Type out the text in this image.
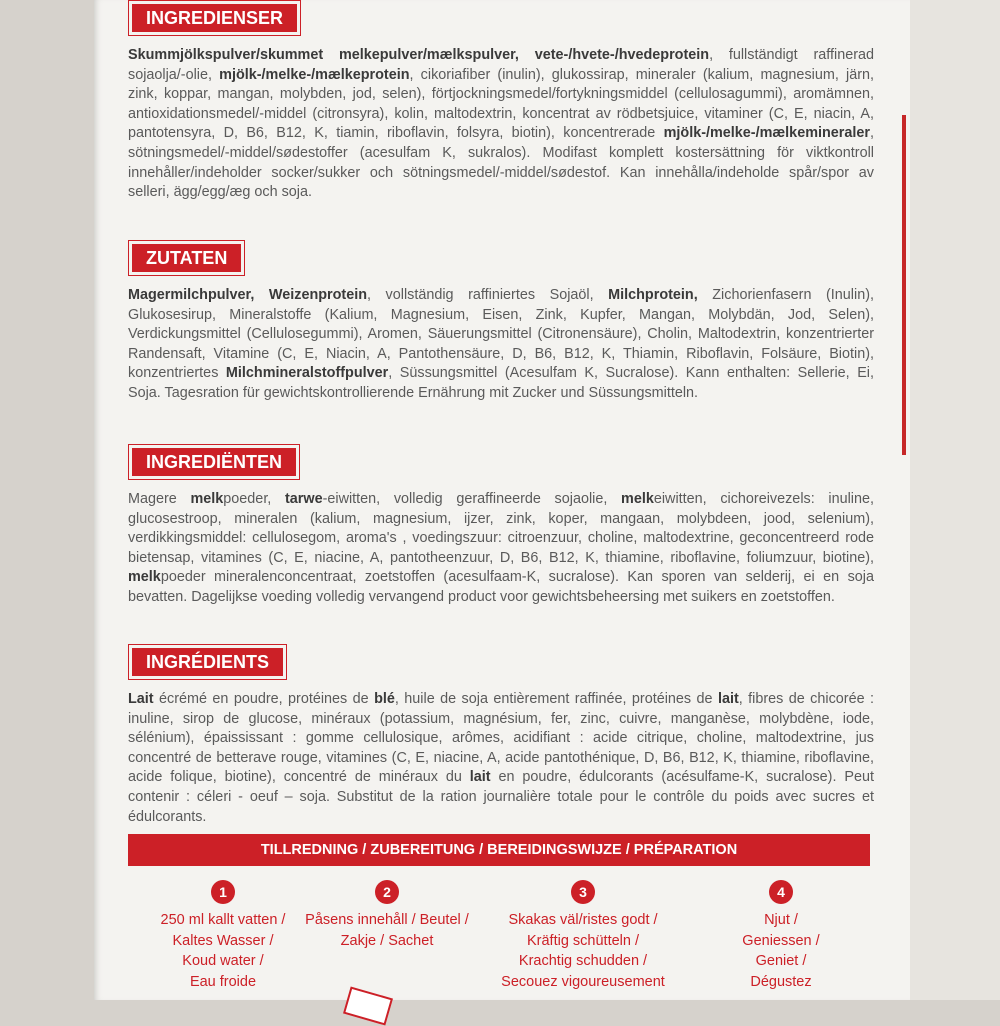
INGREDIENSER
Skummjölkspulver/skummet melkepulver/mælkspulver, vete-/hvete-/hvedeprotein, fullständigt raffinerad sojaolja/-olie, mjölk-/melke-/mælkeprotein, cikoriafiber (inulin), glukossirap, mineraler (kalium, magnesium, järn, zink, koppar, mangan, molybden, jod, selen), förtjockningsmedel/fortykningsmiddel (cellulosagummi), aromämnen, antioxidationsmedel/-middel (citronsyra), kolin, maltodextrin, koncentrat av rödbetsjuice, vitaminer (C, E, niacin, A, pantotensyra, D, B6, B12, K, tiamin, riboflavin, folsyra, biotin), koncentrerade mjölk-/melke-/mælkemineraler, sötningsmedel/-middel/sødestoffer (acesulfam K, sukralos). Modifast komplett kostersättning för viktkontroll innehåller/indeholder socker/sukker och sötningsmedel/-middel/sødestof. Kan innehålla/indeholde spår/spor av selleri, ägg/egg/æg och soja.
ZUTATEN
Magermilchpulver, Weizenprotein, vollständig raffiniertes Sojaöl, Milchprotein, Zichorienfasern (Inulin), Glukosesirup, Mineralstoffe (Kalium, Magnesium, Eisen, Zink, Kupfer, Mangan, Molybdän, Jod, Selen), Verdickungsmittel (Cellulosegummi), Aromen, Säuerungsmittel (Citronensäure), Cholin, Maltodextrin, konzentrierter Randensaft, Vitamine (C, E, Niacin, A, Pantothensäure, D, B6, B12, K, Thiamin, Riboflavin, Folsäure, Biotin), konzentriertes Milchmineralstoffpulver, Süssungsmittel (Acesulfam K, Sucralose). Kann enthalten: Sellerie, Ei, Soja. Tagesration für gewichtskontrollierende Ernährung mit Zucker und Süssungsmitteln.
INGREDIËNTEN
Magere melkpoeder, tarwe-eiwitten, volledig geraffineerde sojaolie, melkeiwitten, cichoreivezels: inuline, glucosestroop, mineralen (kalium, magnesium, ijzer, zink, koper, mangaan, molybdeen, jood, selenium), verdikkingsmiddel: cellulosegom, aroma's , voedingszuur: citroenzuur, choline, maltodextrine, geconcentreerd rode bietensap, vitamines (C, E, niacine, A, pantotheenzuur, D, B6, B12, K, thiamine, riboflavine, foliumzuur, biotine), melkpoeder mineralenconcentraat, zoetstoffen (acesulfaam-K, sucralose). Kan sporen van selderij, ei en soja bevatten. Dagelijkse voeding volledig vervangend product voor gewichtsbeheersing met suikers en zoetstoffen.
INGRÉDIENTS
Lait écrémé en poudre, protéines de blé, huile de soja entièrement raffinée, protéines de lait, fibres de chicorée : inuline, sirop de glucose, minéraux (potassium, magnésium, fer, zinc, cuivre, manganèse, molybdène, iode, sélénium), épaississant : gomme cellulosique, arômes, acidifiant : acide citrique, choline, maltodextrine, jus concentré de betterave rouge, vitamines (C, E, niacine, A, acide pantothénique, D, B6, B12, K, thiamine, riboflavine, acide folique, biotine), concentré de minéraux du lait en poudre, édulcorants (acésulfame-K, sucralose). Peut contenir : céleri - oeuf – soja. Substitut de la ration journalière totale pour le contrôle du poids avec sucres et édulcorants.
TILLREDNING / ZUBEREITUNG / BEREIDINGSWIJZE / PRÉPARATION
1
250 ml kallt vatten /
Kaltes Wasser /
Koud water /
Eau froide
2
Påsens innehåll / Beutel /
Zakje / Sachet
3
Skakas väl/ristes godt /
Kräftig schütteln /
Krachtig schudden /
Secouez vigoureusement
4
Njut /
Geniessen /
Geniet /
Dégustez
